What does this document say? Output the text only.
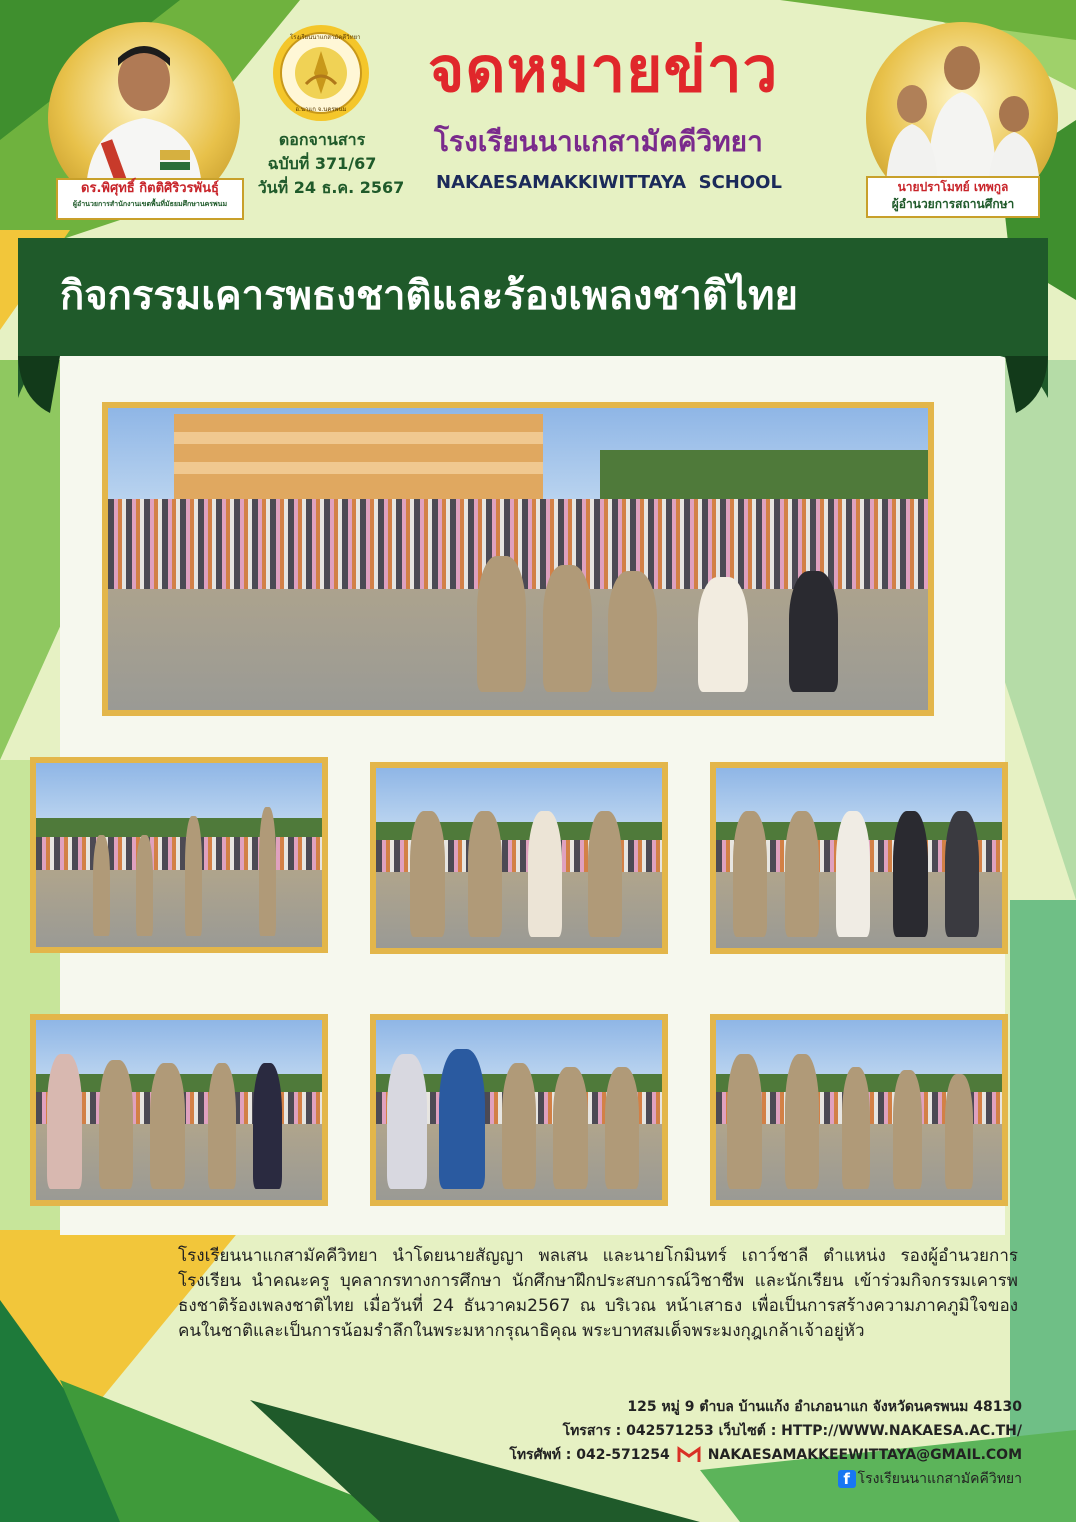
ดร.พิศุทธิ์ กิตติศิริวรพันธุ์
ผู้อำนวยการสำนักงานเขตพื้นที่มัธยมศึกษานครพนม
โรงเรียนนาแกสามัคคีวิทยา
อ.นาแก จ.นครพนม
ดอกจานสาร
ฉบับที่ 371/67
วันที่ 24 ธ.ค. 2567
จดหมายข่าว
โรงเรียนนาแกสามัคคีวิทยา
NAKAESAMAKKIWITTAYA  SCHOOL	นายปราโมทย์ เทพกูล
ผู้อำนวยการสถานศึกษา
กิจกรรมเคารพธงชาติและร้องเพลงชาติไทย
โรงเรียนนาแกสามัคคีวิทยา นำโดยนายสัญญา พลเสน และนายโกมินทร์ เถาว์ชาลี ตำแหน่ง รองผู้อำนวยการโรงเรียน นำคณะครู บุคลากรทางการศึกษา นักศึกษาฝึกประสบการณ์วิชาชีพ และนักเรียน เข้าร่วมกิจกรรมเคารพธงชาติร้องเพลงชาติไทย เมื่อวันที่ 24 ธันวาคม2567 ณ บริเวณ หน้าเสาธง เพื่อเป็นการสร้างความภาคภูมิใจของคนในชาติและเป็นการน้อมรำลึกในพระมหากรุณาธิคุณ พระบาทสมเด็จพระมงกุฎเกล้าเจ้าอยู่หัว
125 หมู่ 9 ตำบล บ้านแก้ง อำเภอนาแก จังหวัดนครพนม 48130
โทรสาร : 042571253 เว็บไซต์ : HTTP://WWW.NAKAESA.AC.TH/
โทรศัพท์ : 042-571254	NAKAESAMAKKEEWITTAYA@GMAIL.COM
f โรงเรียนนาแกสามัคคีวิทยา
